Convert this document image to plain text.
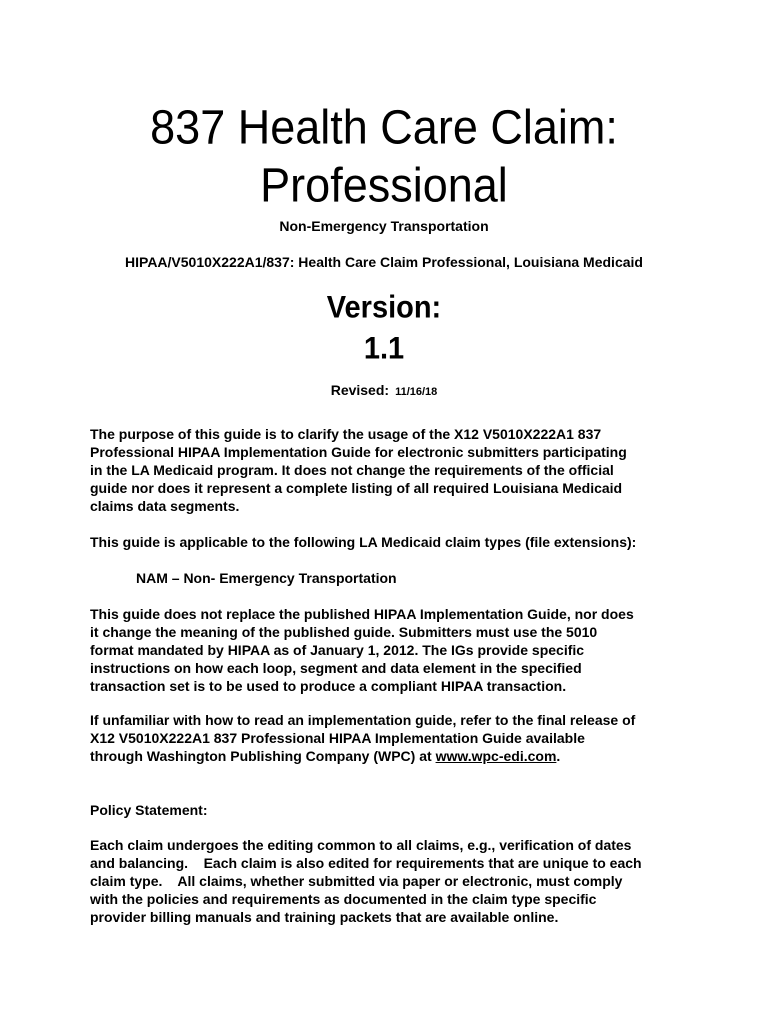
837 Health Care Claim:
Professional

Non-Emergency Transportation

HIPAA/V5010X222A1/837: Health Care Claim Professional, Louisiana Medicaid

Version:
1.1

Revised: 11/16/18

The purpose of this guide is to clarify the usage of the X12 V5010X222A1 837
Professional HIPAA Implementation Guide for electronic submitters participating
in the LA Medicaid program. It does not change the requirements of the official
guide nor does it represent a complete listing of all required Louisiana Medicaid
claims data segments.
This guide is applicable to the following LA Medicaid claim types (file extensions):
NAM – Non- Emergency Transportation
This guide does not replace the published HIPAA Implementation Guide, nor does
it change the meaning of the published guide. Submitters must use the 5010
format mandated by HIPAA as of January 1, 2012. The IGs provide specific
instructions on how each loop, segment and data element in the specified
transaction set is to be used to produce a compliant HIPAA transaction.
If unfamiliar with how to read an implementation guide, refer to the final release of
X12 V5010X222A1 837 Professional HIPAA Implementation Guide available
through Washington Publishing Company (WPC) at www.wpc-edi.com.
Policy Statement:
Each claim undergoes the editing common to all claims, e.g., verification of dates
and balancing.    Each claim is also edited for requirements that are unique to each
claim type.    All claims, whether submitted via paper or electronic, must comply
with the policies and requirements as documented in the claim type specific
provider billing manuals and training packets that are available online.
